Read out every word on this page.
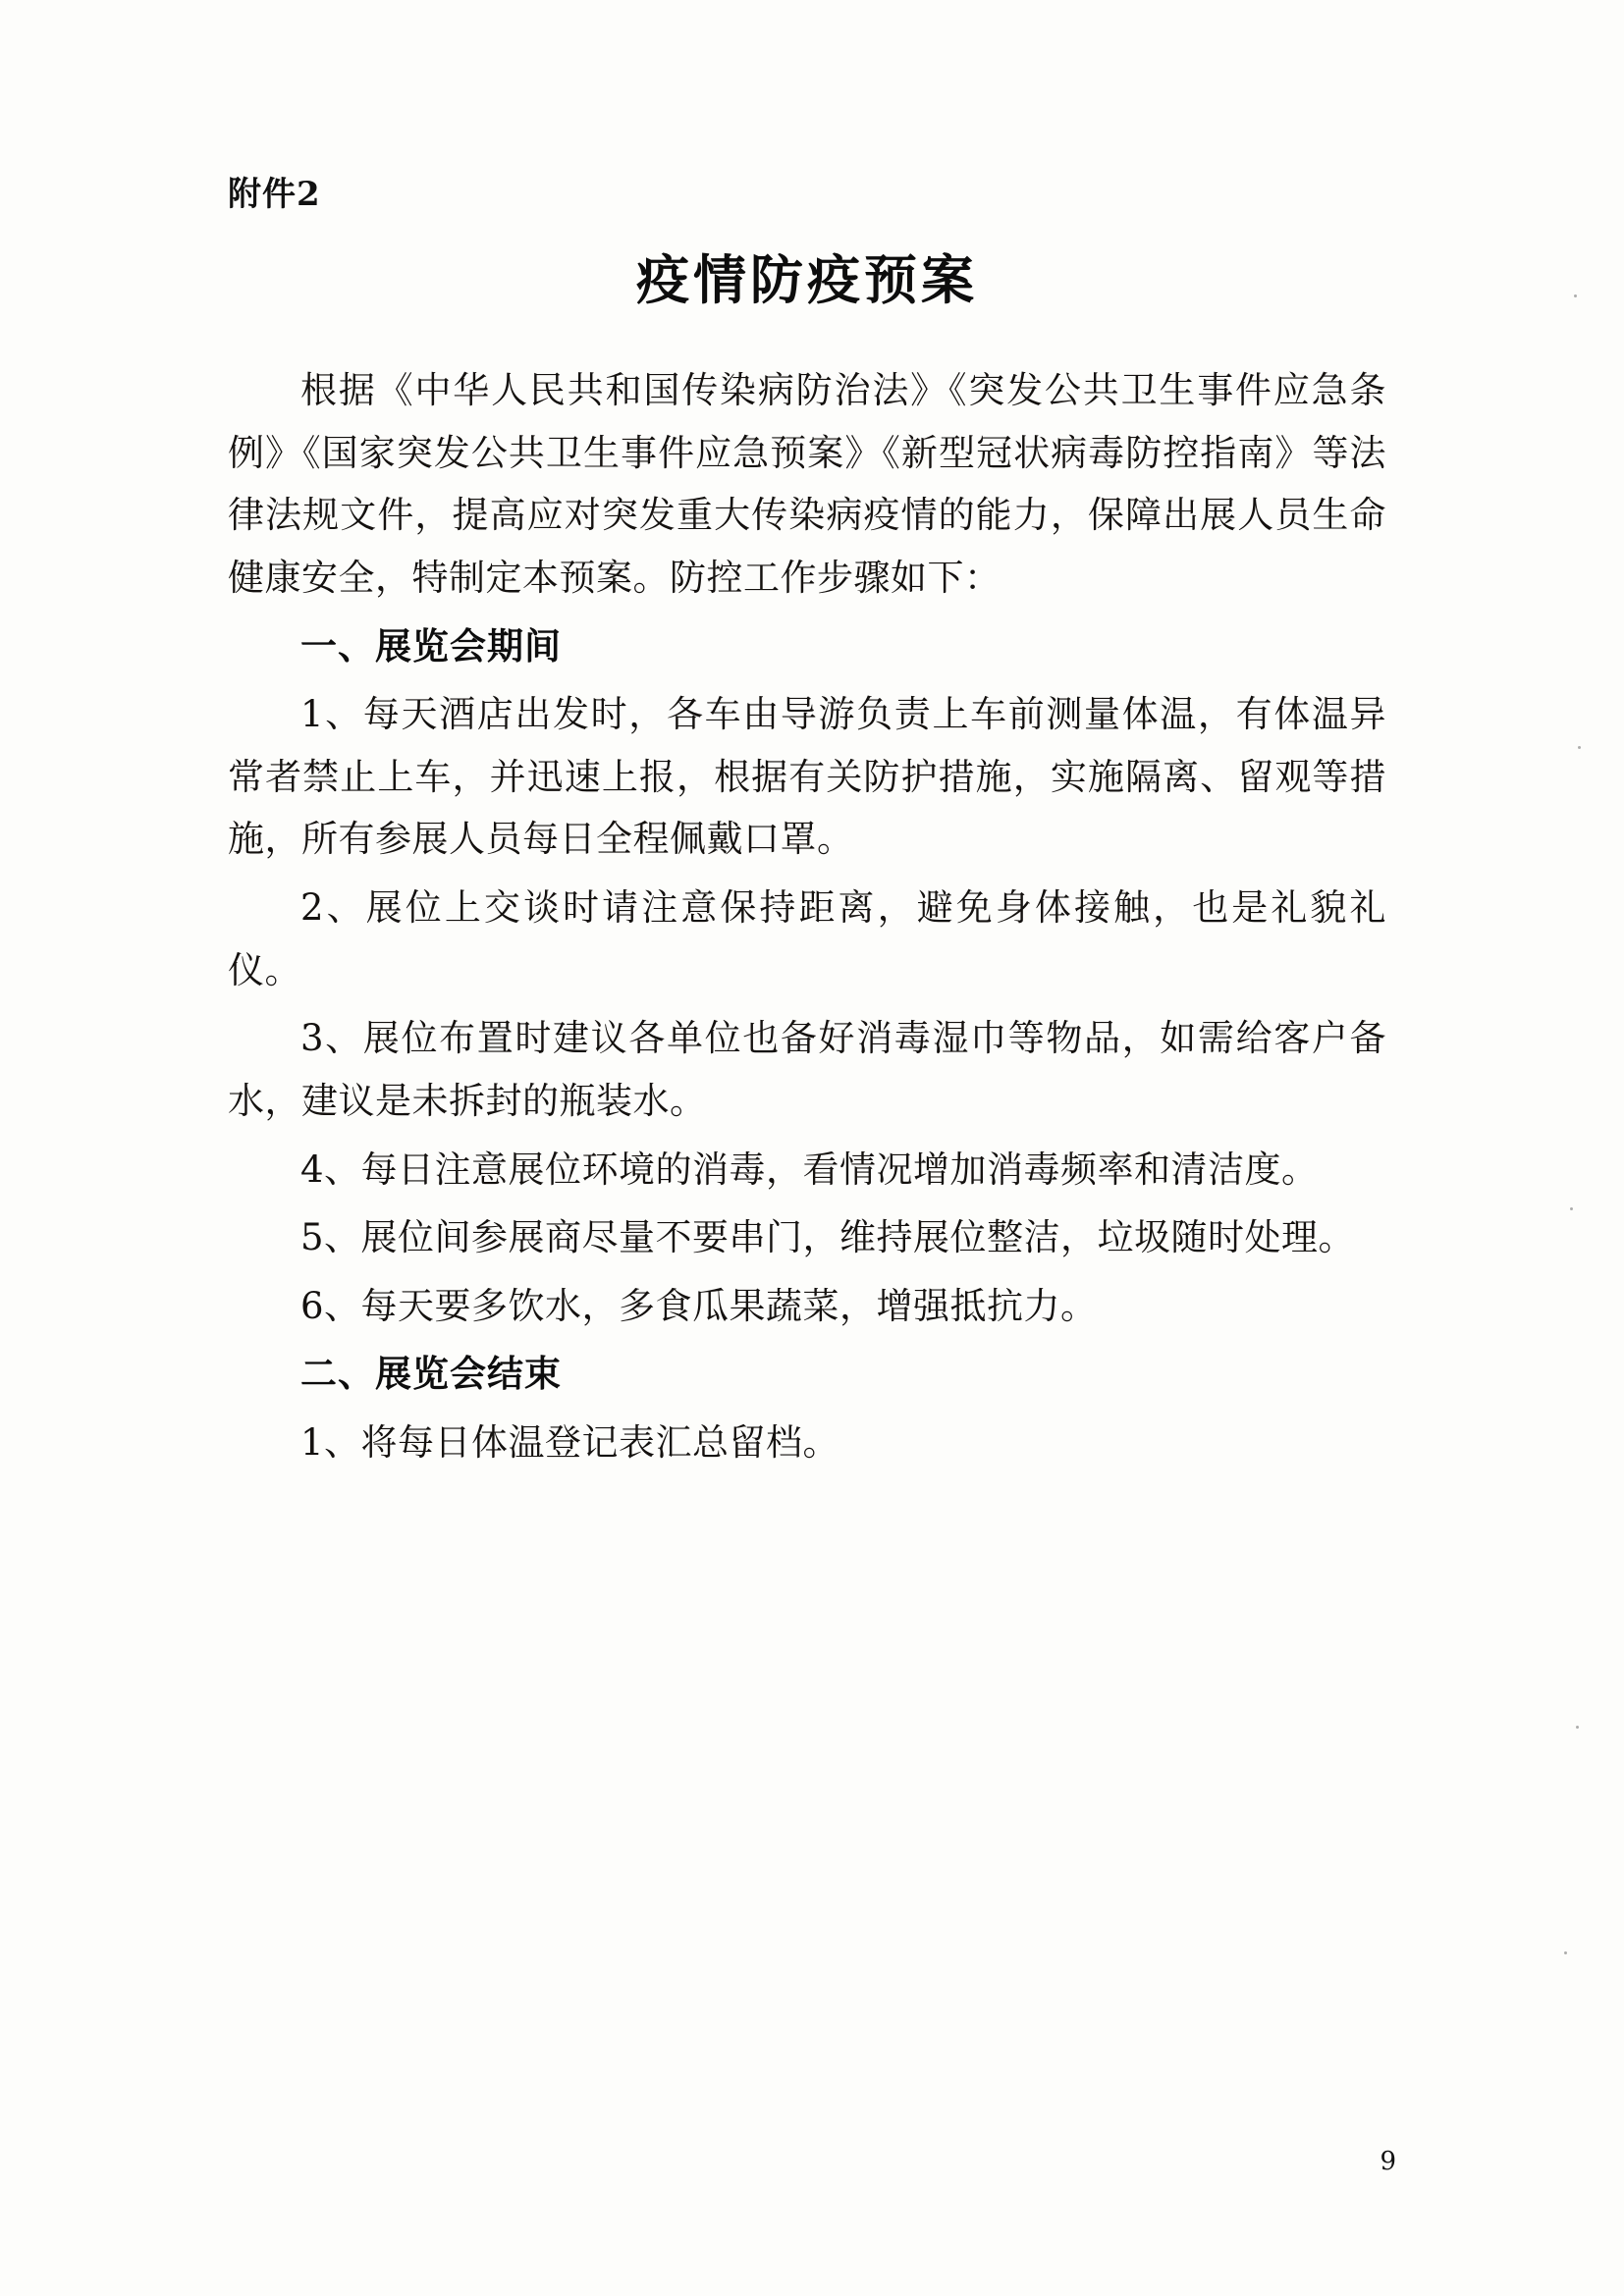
附件2
疫情防疫预案

根据《中华人民共和国传染病防治法》《突发公共卫生事件应急条例》《国家突发公共卫生事件应急预案》《新型冠状病毒防控指南》等法律法规文件，提高应对突发重大传染病疫情的能力，保障出展人员生命健康安全，特制定本预案。防控工作步骤如下：

一、展览会期间

1、每天酒店出发时，各车由导游负责上车前测量体温，有体温异常者禁止上车，并迅速上报，根据有关防护措施，实施隔离、留观等措施，所有参展人员每日全程佩戴口罩。

2、展位上交谈时请注意保持距离，避免身体接触，也是礼貌礼仪。

3、展位布置时建议各单位也备好消毒湿巾等物品，如需给客户备水，建议是未拆封的瓶装水。

4、每日注意展位环境的消毒，看情况增加消毒频率和清洁度。

5、展位间参展商尽量不要串门，维持展位整洁，垃圾随时处理。

6、每天要多饮水，多食瓜果蔬菜，增强抵抗力。

二、展览会结束

1、将每日体温登记表汇总留档。

9
